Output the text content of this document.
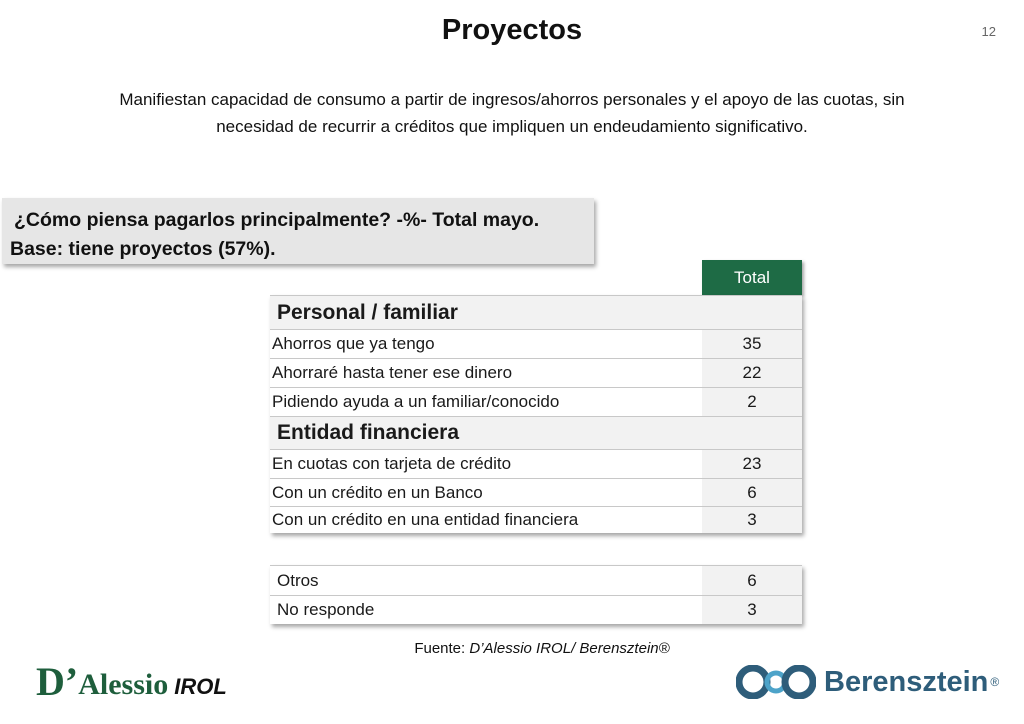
Proyectos	12
Manifiestan capacidad de consumo a partir de ingresos/ahorros personales y el apoyo de las cuotas, sin
necesidad de recurrir a créditos que impliquen un endeudamiento significativo.
¿Cómo piensa pagarlos principalmente? -%- Total mayo.
Base: tiene proyectos (57%).
Total
Personal / familiar
Ahorros que ya tengo	35
Ahorraré hasta tener ese dinero	22
Pidiendo ayuda a un familiar/conocido	2
Entidad financiera
En cuotas con tarjeta de crédito	23
Con un crédito en un Banco	6
Con un crédito en una entidad financiera	3
Otros	6
No responde	3
Fuente: D’Alessio IROL/ Berensztein®
D’ Alessio IROL	Berensztein ®
